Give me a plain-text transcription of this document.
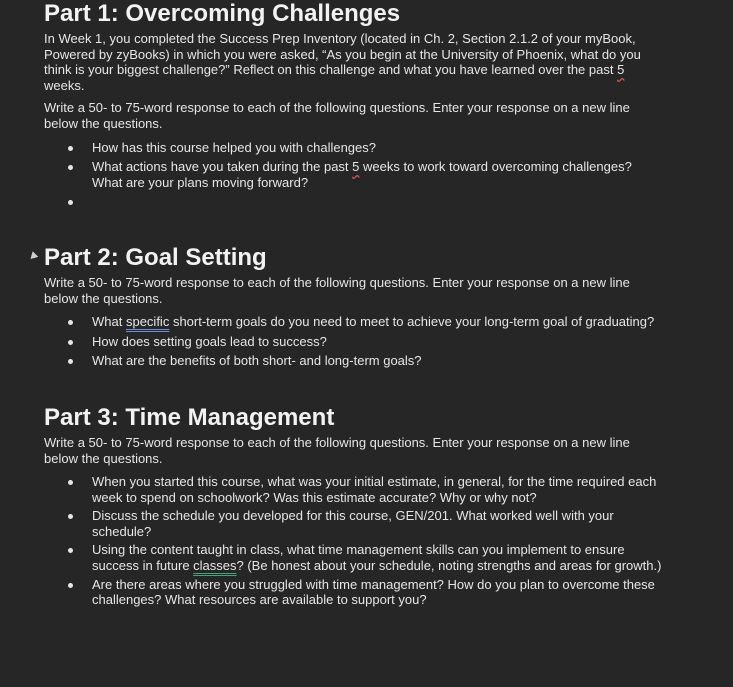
Part 1: Overcoming Challenges

In Week 1, you completed the Success Prep Inventory (located in Ch. 2, Section 2.1.2 of your myBook, Powered by zyBooks) in which you were asked, “As you begin at the University of Phoenix, what do you think is your biggest challenge?” Reflect on this challenge and what you have learned over the past 5 weeks.

Write a 50- to 75-word response to each of the following questions. Enter your response on a new line below the questions.

How has this course helped you with challenges?
What actions have you taken during the past 5 weeks to work toward overcoming challenges? What are your plans moving forward?
Part 2: Goal Setting

Write a 50- to 75-word response to each of the following questions. Enter your response on a new line below the questions.

What specific short-term goals do you need to meet to achieve your long-term goal of graduating?
How does setting goals lead to success?
What are the benefits of both short- and long-term goals?
Part 3: Time Management

Write a 50- to 75-word response to each of the following questions. Enter your response on a new line below the questions.

When you started this course, what was your initial estimate, in general, for the time required each week to spend on schoolwork? Was this estimate accurate? Why or why not?
Discuss the schedule you developed for this course, GEN/201. What worked well with your schedule?
Using the content taught in class, what time management skills can you implement to ensure success in future classes? (Be honest about your schedule, noting strengths and areas for growth.)
Are there areas where you struggled with time management? How do you plan to overcome these challenges? What resources are available to support you?
